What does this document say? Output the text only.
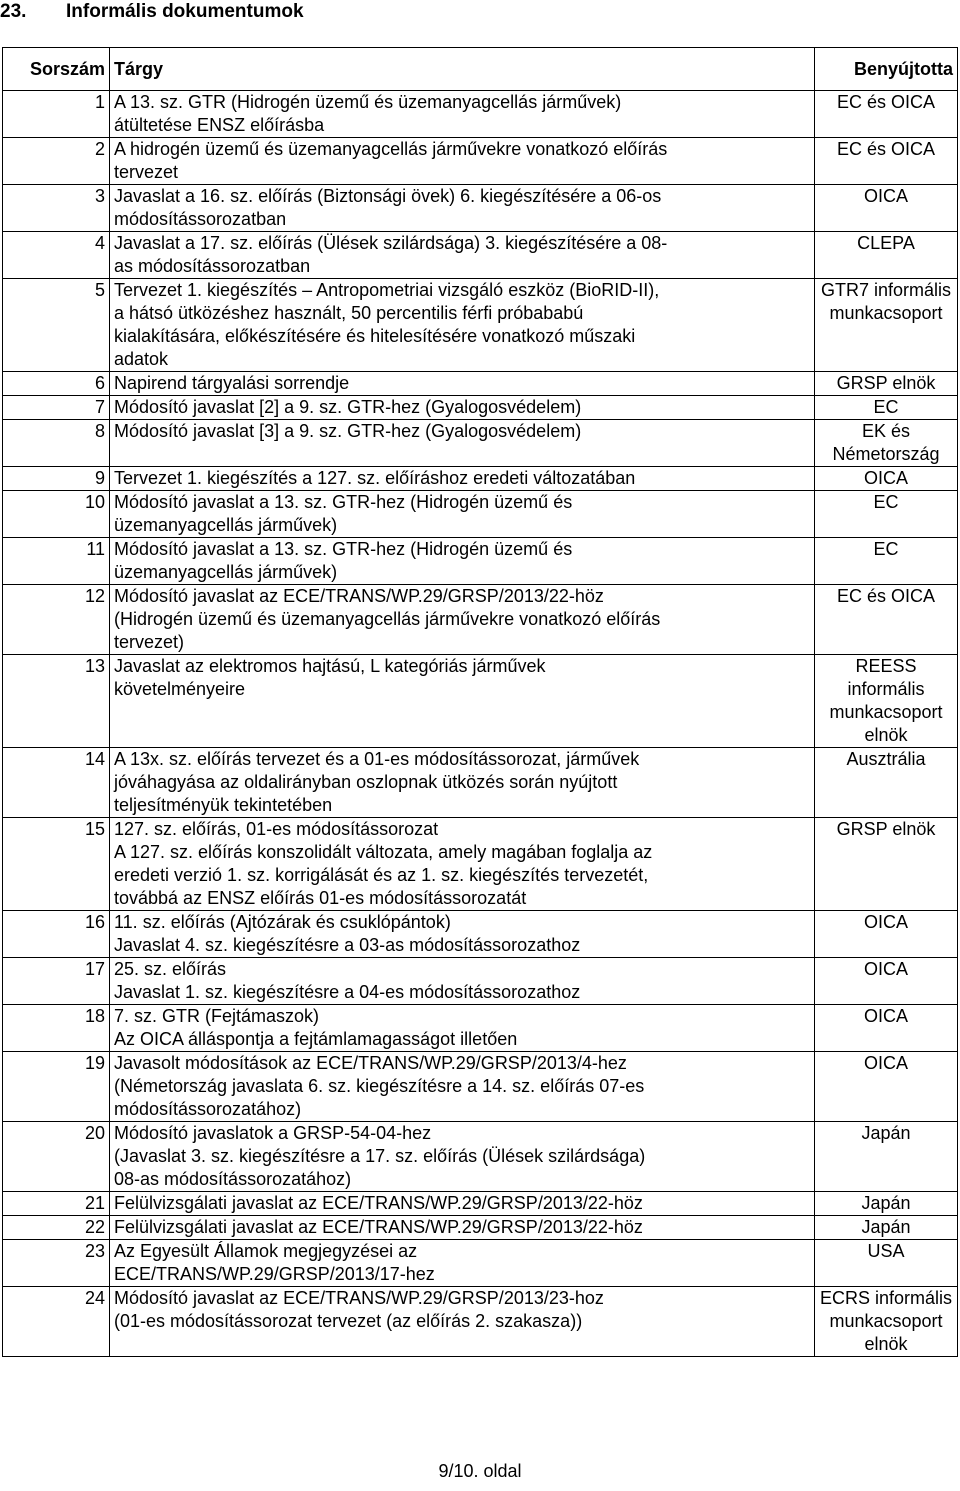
23. Informális dokumentumok
Sorszám	Tárgy	Benyújtotta
1	A 13. sz. GTR (Hidrogén üzemű és üzemanyagcellás járművek)
átültetése ENSZ előírásba	EC és OICA

2	A hidrogén üzemű és üzemanyagcellás járművekre vonatkozó előírás
tervezet	EC és OICA

3	Javaslat a 16. sz. előírás (Biztonsági övek) 6. kiegészítésére a 06-os
módosítássorozatban	OICA

4	Javaslat a 17. sz. előírás (Ülések szilárdsága) 3. kiegészítésére a 08-
as módosítássorozatban	CLEPA

5	Tervezet 1. kiegészítés – Antropometriai vizsgáló eszköz (BioRID-II),
a hátsó ütközéshez használt, 50 percentilis férfi próbababú
kialakítására, előkészítésére és hitelesítésére vonatkozó műszaki
adatok	GTR7 informális
munkacsoport

6	Napirend tárgyalási sorrendje	GRSP elnök

7	Módosító javaslat [2] a 9. sz. GTR-hez (Gyalogosvédelem)	EC

8	Módosító javaslat [3] a 9. sz. GTR-hez (Gyalogosvédelem)	EK és Németország

9	Tervezet 1. kiegészítés a 127. sz. előíráshoz eredeti változatában	OICA

10	Módosító javaslat a 13. sz. GTR-hez (Hidrogén üzemű és
üzemanyagcellás járművek)	EC

11	Módosító javaslat a 13. sz. GTR-hez (Hidrogén üzemű és
üzemanyagcellás járművek)	EC

12	Módosító javaslat az ECE/TRANS/WP.29/GRSP/2013/22-höz
(Hidrogén üzemű és üzemanyagcellás járművekre vonatkozó előírás
tervezet)	EC és OICA

13	Javaslat az elektromos hajtású, L kategóriás járművek
követelményeire	REESS informális
munkacsoport elnök

14	A 13x. sz. előírás tervezet és a 01-es módosítássorozat, járművek
jóváhagyása az oldalirányban oszlopnak ütközés során nyújtott
teljesítményük tekintetében	Ausztrália

15	127. sz. előírás, 01-es módosítássorozat
A 127. sz. előírás konszolidált változata, amely magában foglalja az
eredeti verzió 1. sz. korrigálását és az 1. sz. kiegészítés tervezetét,
továbbá az ENSZ előírás 01-es módosítássorozatát	GRSP elnök

16	11. sz. előírás (Ajtózárak és csuklópántok)
Javaslat 4. sz. kiegészítésre a 03-as módosítássorozathoz	OICA

17	25. sz. előírás
Javaslat 1. sz. kiegészítésre a 04-es módosítássorozathoz	OICA

18	7. sz. GTR (Fejtámaszok)
Az OICA álláspontja a fejtámlamagasságot illetően	OICA

19	Javasolt módosítások az ECE/TRANS/WP.29/GRSP/2013/4-hez
(Németország javaslata 6. sz. kiegészítésre a 14. sz. előírás 07-es
módosítássorozatához)	OICA

20	Módosító javaslatok a GRSP-54-04-hez
(Javaslat 3. sz. kiegészítésre a 17. sz. előírás (Ülések szilárdsága)
08-as módosítássorozatához)	Japán

21	Felülvizsgálati javaslat az ECE/TRANS/WP.29/GRSP/2013/22-höz	Japán

22	Felülvizsgálati javaslat az ECE/TRANS/WP.29/GRSP/2013/22-höz	Japán

23	Az Egyesült Államok megjegyzései az
ECE/TRANS/WP.29/GRSP/2013/17-hez	USA

24	Módosító javaslat az ECE/TRANS/WP.29/GRSP/2013/23-hoz
(01-es módosítássorozat tervezet (az előírás 2. szakasza))	ECRS informális
munkacsoport elnök
9/10. oldal
